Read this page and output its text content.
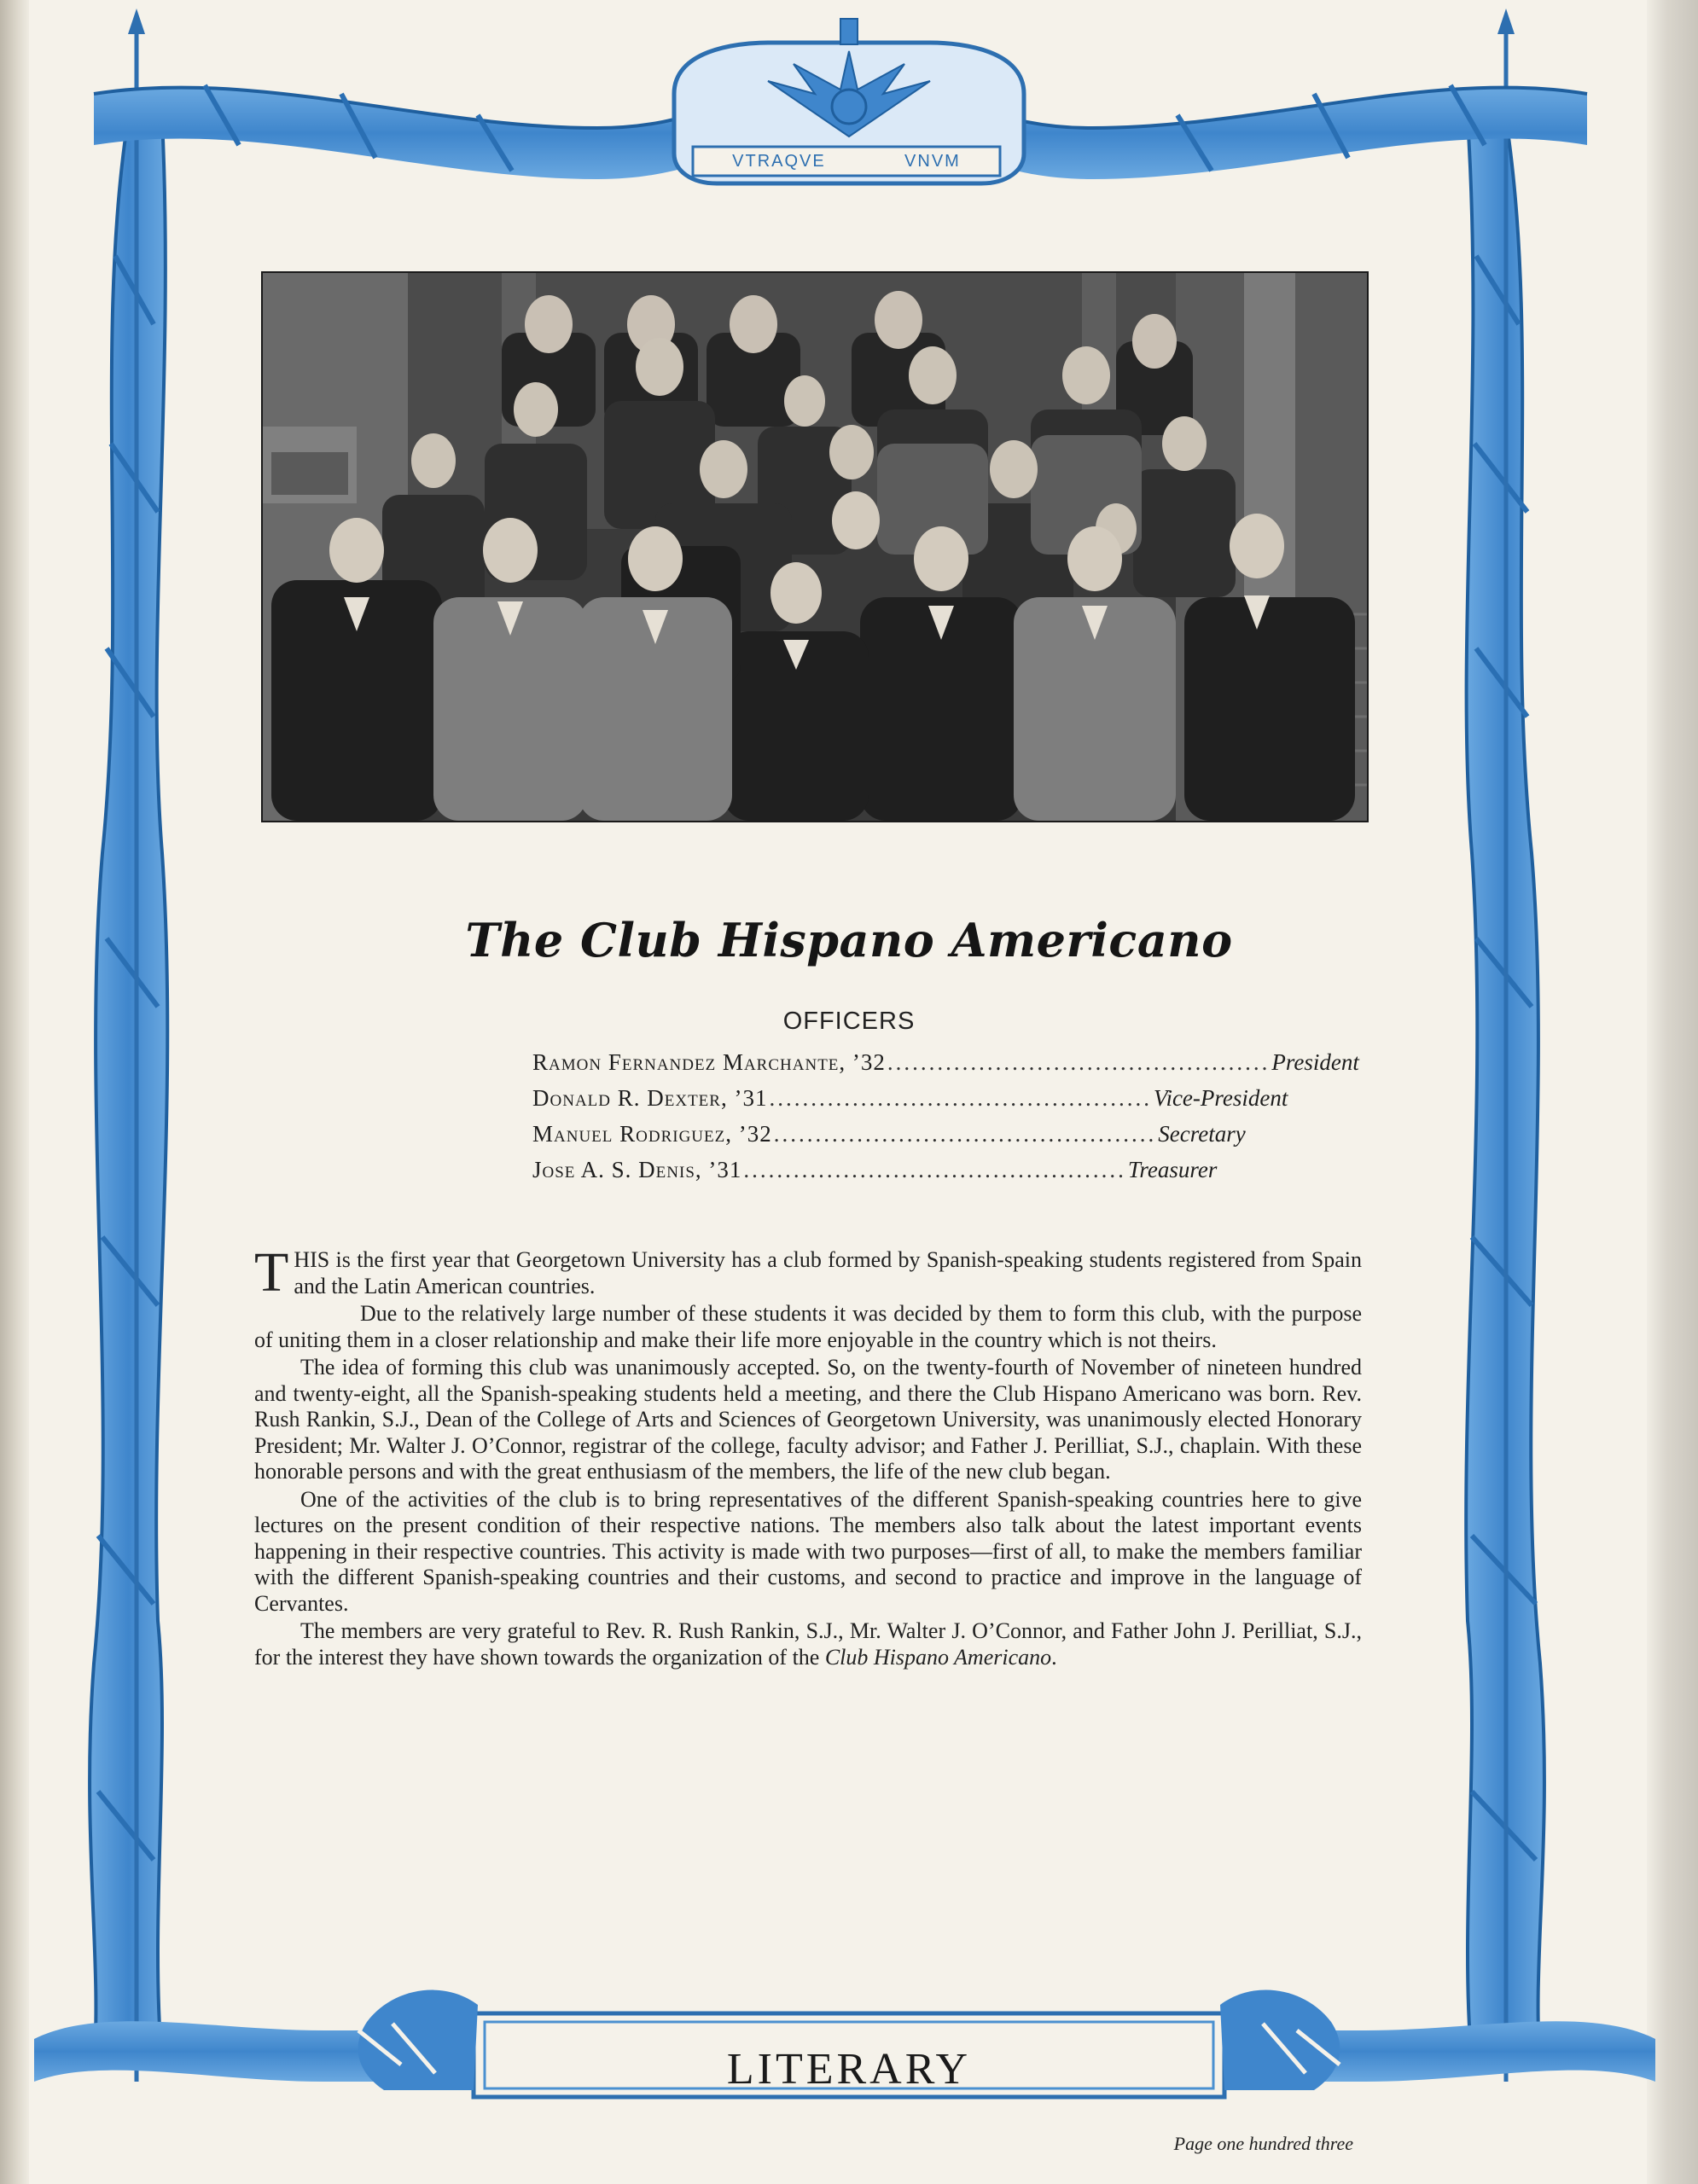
VTRAQVE	VNVM
The Club Hispano Americano
OFFICERS
Ramon Fernandez Marchante, ’32 .............................................. President
Donald R. Dexter, ’31 .............................................. Vice-President
Manuel Rodriguez, ’32 .............................................. Secretary
Jose A. S. Denis, ’31 .............................................. Treasurer

THIS is the first year that Georgetown University has a club formed by Spanish-speaking students registered from Spain and the Latin American countries.

Due to the relatively large number of these students it was decided by them to form this club, with the purpose of uniting them in a closer relationship and make their life more enjoyable in the country which is not theirs.

The idea of forming this club was unanimously accepted. So, on the twenty-fourth of November of nineteen hundred and twenty-eight, all the Spanish-speaking students held a meeting, and there the Club Hispano Americano was born. Rev. Rush Rankin, S.J., Dean of the College of Arts and Sciences of Georgetown University, was unanimously elected Honorary President; Mr. Walter J. O’Connor, registrar of the college, faculty advisor; and Father J. Perilliat, S.J., chaplain. With these honorable persons and with the great enthusiasm of the members, the life of the new club began.

One of the activities of the club is to bring representatives of the different Spanish-speaking countries here to give lectures on the present condition of their respective nations. The members also talk about the latest important events happening in their respective countries. This activity is made with two purposes—first of all, to make the members familiar with the different Spanish-speaking countries and their customs, and second to practice and improve in the language of Cervantes.

The members are very grateful to Rev. R. Rush Rankin, S.J., Mr. Walter J. O’Connor, and Father John J. Perilliat, S.J., for the interest they have shown towards the organization of the Club Hispano Americano.

LITERARY
Page one hundred three
